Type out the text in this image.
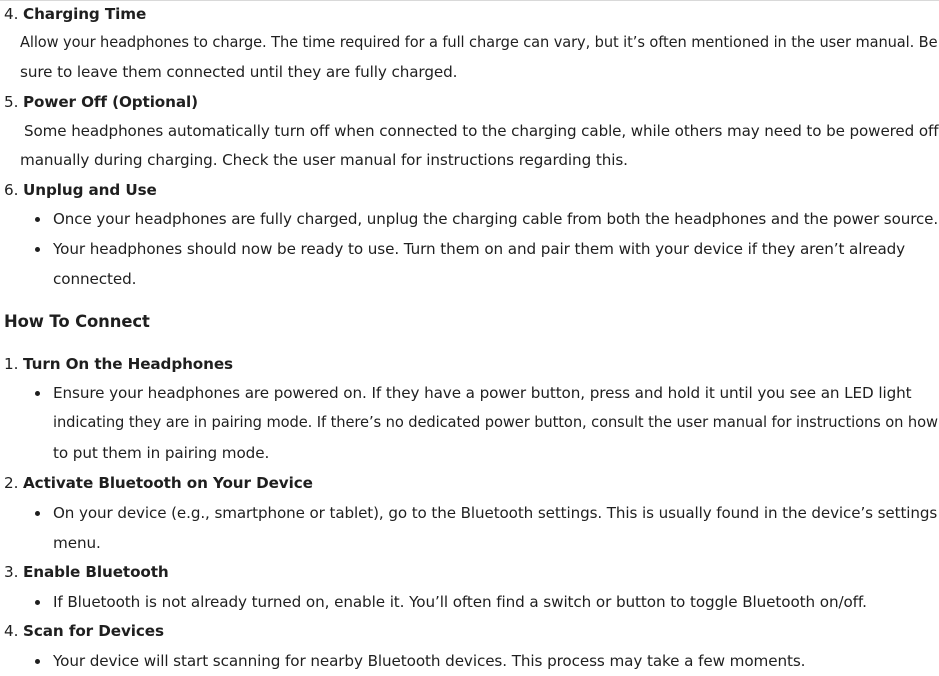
4. Charging Time
Allow your headphones to charge. The time required for a full charge can vary, but it’s often mentioned in the user manual. Be
sure to leave them connected until they are fully charged.
5. Power Off (Optional)
Some headphones automatically turn off when connected to the charging cable, while others may need to be powered off
manually during charging. Check the user manual for instructions regarding this.
6. Unplug and Use
Once your headphones are fully charged, unplug the charging cable from both the headphones and the power source.
Your headphones should now be ready to use. Turn them on and pair them with your device if they aren’t already
connected.
How To Connect
1. Turn On the Headphones
Ensure your headphones are powered on. If they have a power button, press and hold it until you see an LED light
indicating they are in pairing mode. If there’s no dedicated power button, consult the user manual for instructions on how
to put them in pairing mode.
2. Activate Bluetooth on Your Device
On your device (e.g., smartphone or tablet), go to the Bluetooth settings. This is usually found in the device’s settings
menu.
3. Enable Bluetooth
If Bluetooth is not already turned on, enable it. You’ll often find a switch or button to toggle Bluetooth on/off.
4. Scan for Devices
Your device will start scanning for nearby Bluetooth devices. This process may take a few moments.
